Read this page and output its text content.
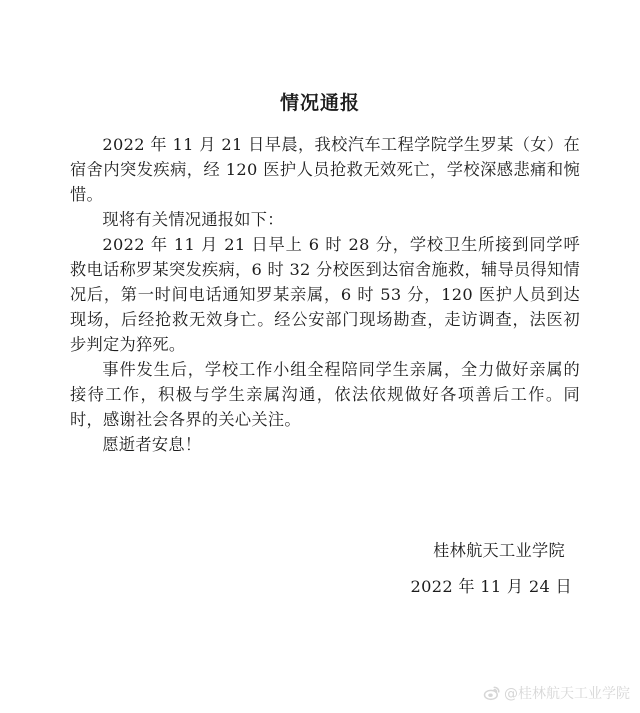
情况通报

2022 年 11 月 21 日早晨，我校汽车工程学院学生罗某（女）在宿舍内突发疾病，经 120 医护人员抢救无效死亡，学校深感悲痛和惋惜。

现将有关情况通报如下：

2022 年 11 月 21 日早上 6 时 28 分，学校卫生所接到同学呼救电话称罗某突发疾病，6 时 32 分校医到达宿舍施救，辅导员得知情况后，第一时间电话通知罗某亲属，6 时 53 分，120 医护人员到达现场，后经抢救无效身亡。经公安部门现场勘查，走访调查，法医初步判定为猝死。

事件发生后，学校工作小组全程陪同学生亲属，全力做好亲属的接待工作，积极与学生亲属沟通，依法依规做好各项善后工作。同时，感谢社会各界的关心关注。

愿逝者安息！

桂林航天工业学院
2022 年 11 月 24 日
@桂林航天工业学院
